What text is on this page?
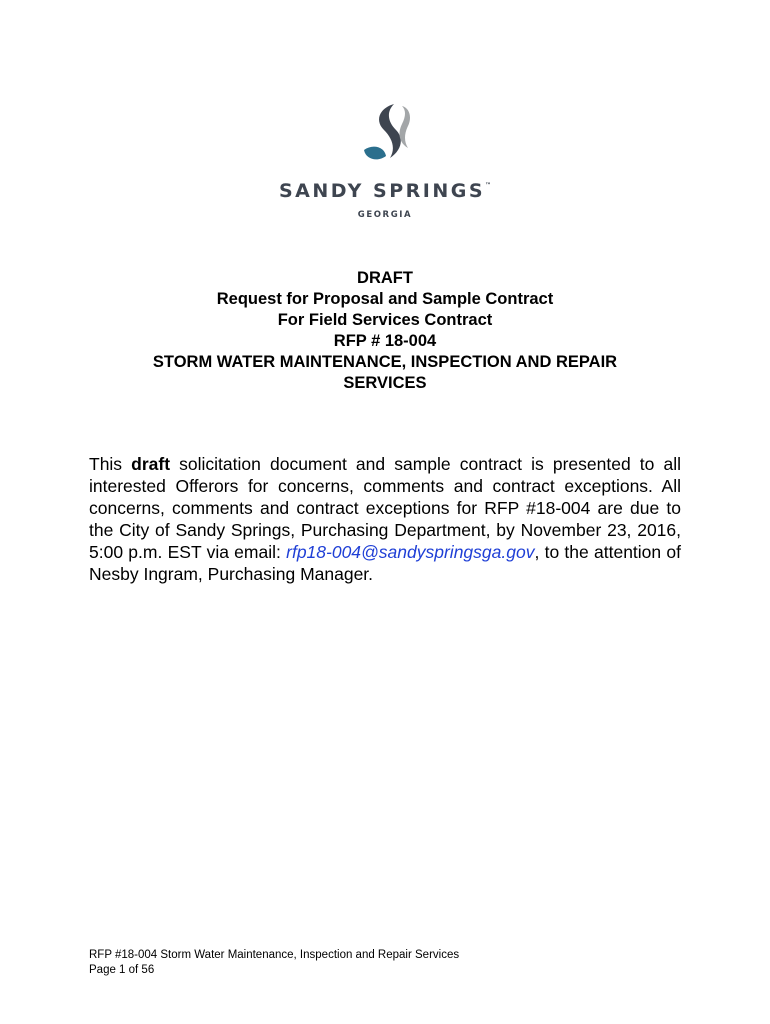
SANDY SPRINGS™
GEORGIA
DRAFT
Request for Proposal and Sample Contract
For Field Services Contract
RFP # 18-004
STORM WATER MAINTENANCE, INSPECTION AND REPAIR
SERVICES
This draft solicitation document and sample contract is presented to all interested Offerors for concerns, comments and contract exceptions. All concerns, comments and contract exceptions for RFP #18-004 are due to the City of Sandy Springs, Purchasing Department, by November 23, 2016, 5:00 p.m. EST via email: rfp18-004@sandyspringsga.gov, to the attention of Nesby Ingram, Purchasing Manager.
RFP #18-004 Storm Water Maintenance, Inspection and Repair Services
Page 1 of 56
